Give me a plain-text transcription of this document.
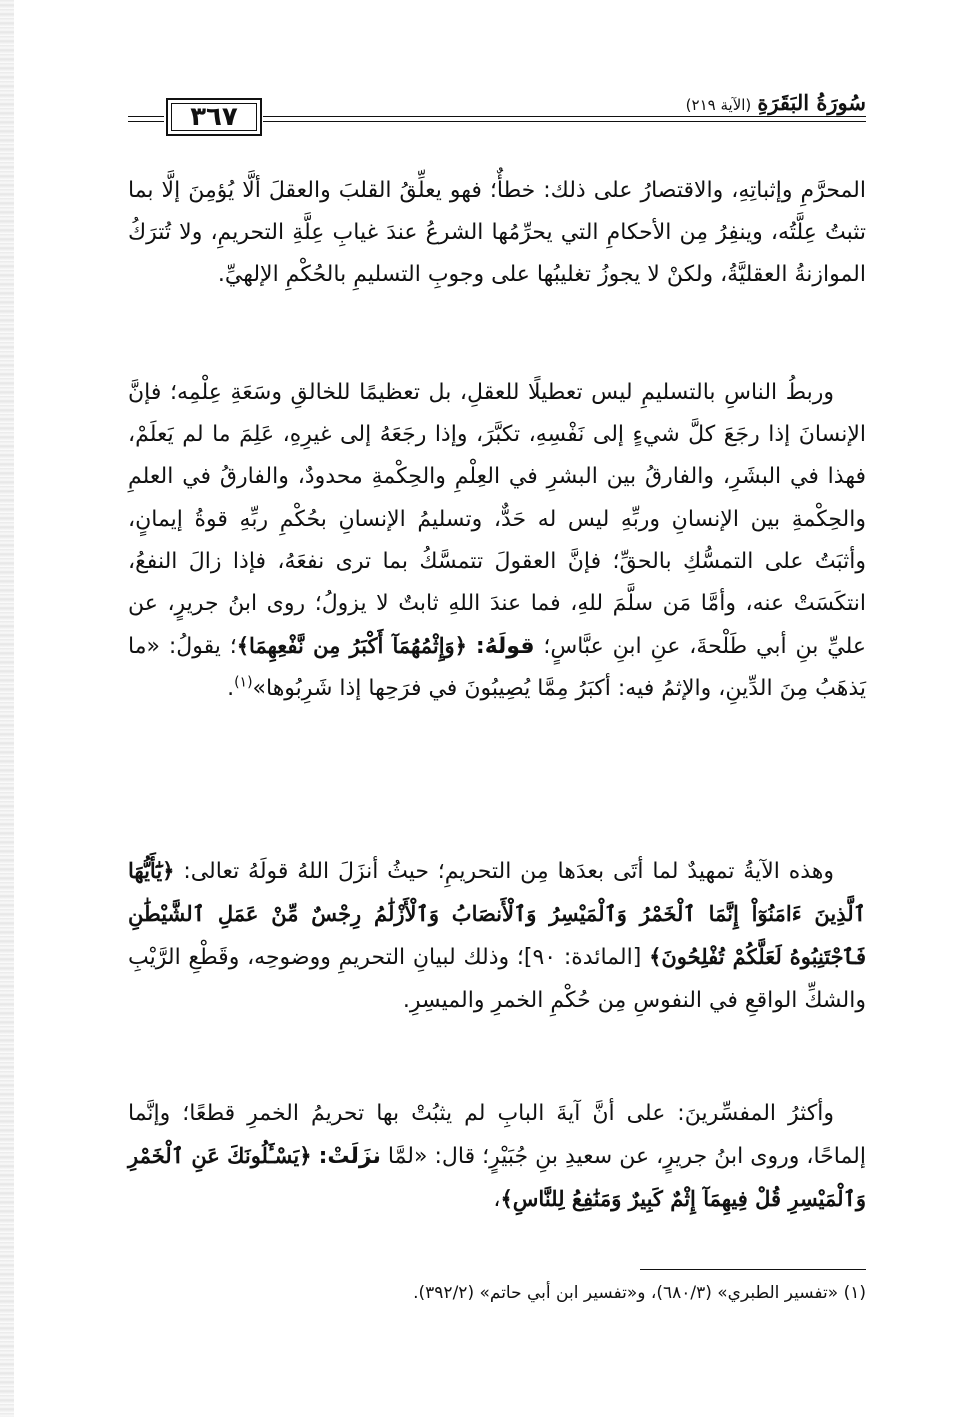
٣٦٧	سُورَةُ البَقَرَةِ (الآية ٢١٩)

المحرَّمِ وإثباتِهِ، والاقتصارُ على ذلك: خطأٌ؛ فهو يعلِّقُ القلبَ والعقلَ ألَّا يُؤمِنَ إلَّا بما تثبتُ عِلَّتُه، وينفِرُ مِن الأحكامِ التي يحرِّمُها الشرعُ عندَ غيابِ عِلَّةِ التحريمِ، ولا تُترَكُ الموازنةُ العقليَّةُ، ولكنْ لا يجوزُ تغليبُها على وجوبِ التسليمِ بالحُكْمِ الإلهيِّ.

وربطُ الناسِ بالتسليمِ ليس تعطيلًا للعقلِ، بل تعظيمًا للخالقِ وسَعَةِ عِلْمِه؛ فإنَّ الإنسانَ إذا رجَعَ كلَّ شيءٍ إلى نَفْسِهِ، تكبَّرَ، وإذا رجَعَهُ إلى غيرِهِ، عَلِمَ ما لم يَعلَمْ، فهذا في البشَرِ، والفارقُ بين البشرِ في العِلْمِ والحِكْمةِ محدودٌ، والفارقُ في العلمِ والحِكْمةِ بين الإنسانِ وربِّهِ ليس له حَدٌّ، وتسليمُ الإنسانِ بحُكْمِ ربِّهِ قوةُ إيمانٍ، وأثبَتُ على التمسُّكِ بالحقِّ؛ فإنَّ العقولَ تتمسَّكُ بما ترى نفعَهُ، فإذا زالَ النفعُ، انتكَسَتْ عنه، وأمَّا مَن سلَّمَ للهِ، فما عندَ اللهِ ثابتٌ لا يزولُ؛ روى ابنُ جريرٍ، عن عليِّ بنِ أبي طَلْحةَ، عنِ ابنِ عبَّاسٍ؛ قولَهُ: ﴿وَإِثْمُهُمَآ أَكْبَرُ مِن نَّفْعِهِمَا﴾؛ يقولُ: «ما يَذهَبُ مِنَ الدِّينِ، والإثمُ فيه: أكبَرُ مِمَّا يُصِيبُونَ في فرَحِها إذا شَرِبُوها»$^{(١)}$.

وهذه الآيةُ تمهيدٌ لما أتَى بعدَها مِن التحريمِ؛ حيثُ أنزَلَ اللهُ قولَهُ تعالى: ﴿يَٰٓأَيُّهَا ٱلَّذِينَ ءَامَنُوٓاْ إِنَّمَا ٱلْخَمْرُ وَٱلْمَيْسِرُ وَٱلْأَنصَابُ وَٱلْأَزْلَٰمُ رِجْسٌ مِّنْ عَمَلِ ٱلشَّيْطَٰنِ فَٱجْتَنِبُوهُ لَعَلَّكُمْ تُفْلِحُونَ﴾ [المائدة: ٩٠]؛ وذلك لبيانِ التحريمِ ووضوحِه، وقَطْعِ الرَّيْبِ والشكِّ الواقعِ في النفوسِ مِن حُكْمِ الخمرِ والميسِرِ.

وأكثرُ المفسِّرينَ: على أنَّ آيةَ البابِ لم يثبُتْ بها تحريمُ الخمرِ قطعًا؛ وإنَّما إلماحًا، وروى ابنُ جريرٍ، عن سعيدِ بنِ جُبَيْرٍ؛ قال: «لمَّا نزَلَتْ: ﴿يَسْـَٔلُونَكَ عَنِ ٱلْخَمْرِ وَٱلْمَيْسِرِ قُلْ فِيهِمَآ إِثْمٌ كَبِيرٌ وَمَنَٰفِعُ لِلنَّاسِ﴾،

(١) «تفسير الطبري» (٦٨٠/٣)، و«تفسير ابن أبي حاتم» (٣٩٢/٢).
